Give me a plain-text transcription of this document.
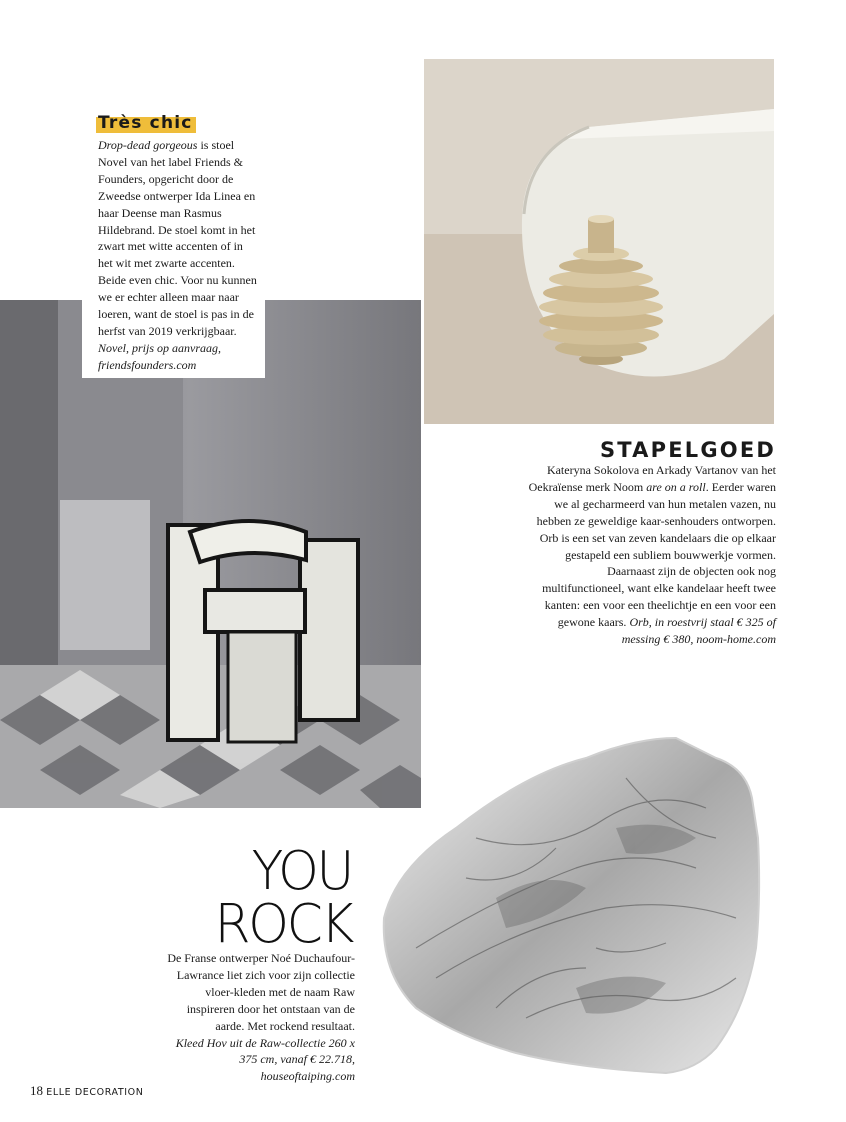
Très chic

Drop-dead gorgeous is stoel Novel van het label Friends & Founders, opgericht door de Zweedse ontwerper Ida Linea en haar Deense man Rasmus Hildebrand. De stoel komt in het zwart met witte accenten of in het wit met zwarte accenten. Beide even chic. Voor nu kunnen we er echter alleen maar naar loeren, want de stoel is pas in de herfst van 2019 verkrijgbaar. Novel, prijs op aanvraag, friendsfounders.com

STAPELGOED

Kateryna Sokolova en Arkady Vartanov van het Oekraïense merk Noom are on a roll. Eerder waren we al gecharmeerd van hun metalen vazen, nu hebben ze geweldige kaar-senhouders ontworpen. Orb is een set van zeven kandelaars die op elkaar gestapeld een subliem bouwwerkje vormen. Daarnaast zijn de objecten ook nog multifunctioneel, want elke kandelaar heeft twee kanten: een voor een theelichtje en een voor een gewone kaars. Orb, in roestvrij staal € 325 of messing € 380, noom-home.com

YOU
ROCK

De Franse ontwerper Noé Duchaufour-Lawrance liet zich voor zijn collectie vloer-kleden met de naam Raw inspireren door het ontstaan van de aarde. Met rockend resultaat.

Kleed Hov uit de Raw-collectie 260 x 375 cm, vanaf € 22.718, houseoftaiping.com

18 ELLE DECORATION
